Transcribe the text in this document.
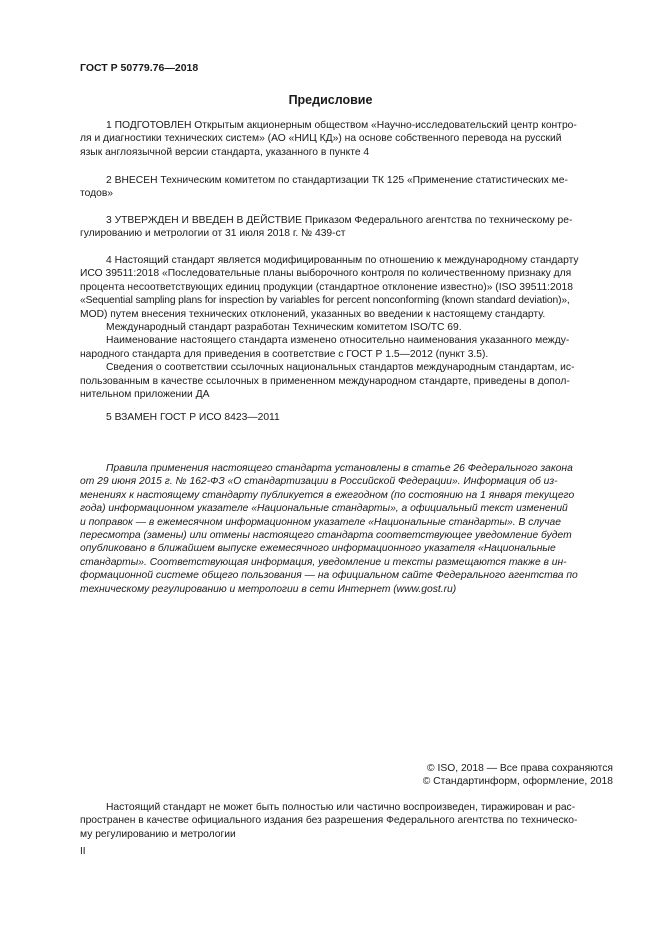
ГОСТ Р 50779.76—2018
Предисловие
1 ПОДГОТОВЛЕН Открытым акционерным обществом «Научно-исследовательский центр контро-
ля и диагностики технических систем» (АО «НИЦ КД») на основе собственного перевода на русский
язык англоязычной версии стандарта, указанного в пункте 4
2 ВНЕСЕН Техническим комитетом по стандартизации ТК 125 «Применение статистических ме-
тодов»
3 УТВЕРЖДЕН И ВВЕДЕН В ДЕЙСТВИЕ Приказом Федерального агентства по техническому ре-
гулированию и метрологии от 31 июля 2018 г. № 439-ст
4 Настоящий стандарт является модифицированным по отношению к международному стандарту
ИСО 39511:2018 «Последовательные планы выборочного контроля по количественному признаку для
процента несоответствующих единиц продукции (стандартное отклонение известно)» (ISO 39511:2018
«Sequential sampling plans for inspection by variables for percent nonconforming (known standard deviation)»,
MOD) путем внесения технических отклонений, указанных во введении к настоящему стандарту.
Международный стандарт разработан Техническим комитетом ISO/TC 69.
Наименование настоящего стандарта изменено относительно наименования указанного между-
народного стандарта для приведения в соответствие с ГОСТ Р 1.5—2012 (пункт 3.5).
Сведения о соответствии ссылочных национальных стандартов международным стандартам, ис-
пользованным в качестве ссылочных в примененном международном стандарте, приведены в допол-
нительном приложении ДА
5 ВЗАМЕН ГОСТ Р ИСО 8423—2011
Правила применения настоящего стандарта установлены в статье 26 Федерального закона
от 29 июня 2015 г. № 162-ФЗ «О стандартизации в Российской Федерации». Информация об из-
менениях к настоящему стандарту публикуется в ежегодном (по состоянию на 1 января текущего
года) информационном указателе «Национальные стандарты», а официальный текст изменений
и поправок — в ежемесячном информационном указателе «Национальные стандарты». В случае
пересмотра (замены) или отмены настоящего стандарта соответствующее уведомление будет
опубликовано в ближайшем выпуске ежемесячного информационного указателя «Национальные
стандарты». Соответствующая информация, уведомление и тексты размещаются также в ин-
формационной системе общего пользования — на официальном сайте Федерального агентства по
техническому регулированию и метрологии в сети Интернет (www.gost.ru)
© ISO, 2018 — Все права сохраняются
© Стандартинформ, оформление, 2018
Настоящий стандарт не может быть полностью или частично воспроизведен, тиражирован и рас-
пространен в качестве официального издания без разрешения Федерального агентства по техническо-
му регулированию и метрологии
II
